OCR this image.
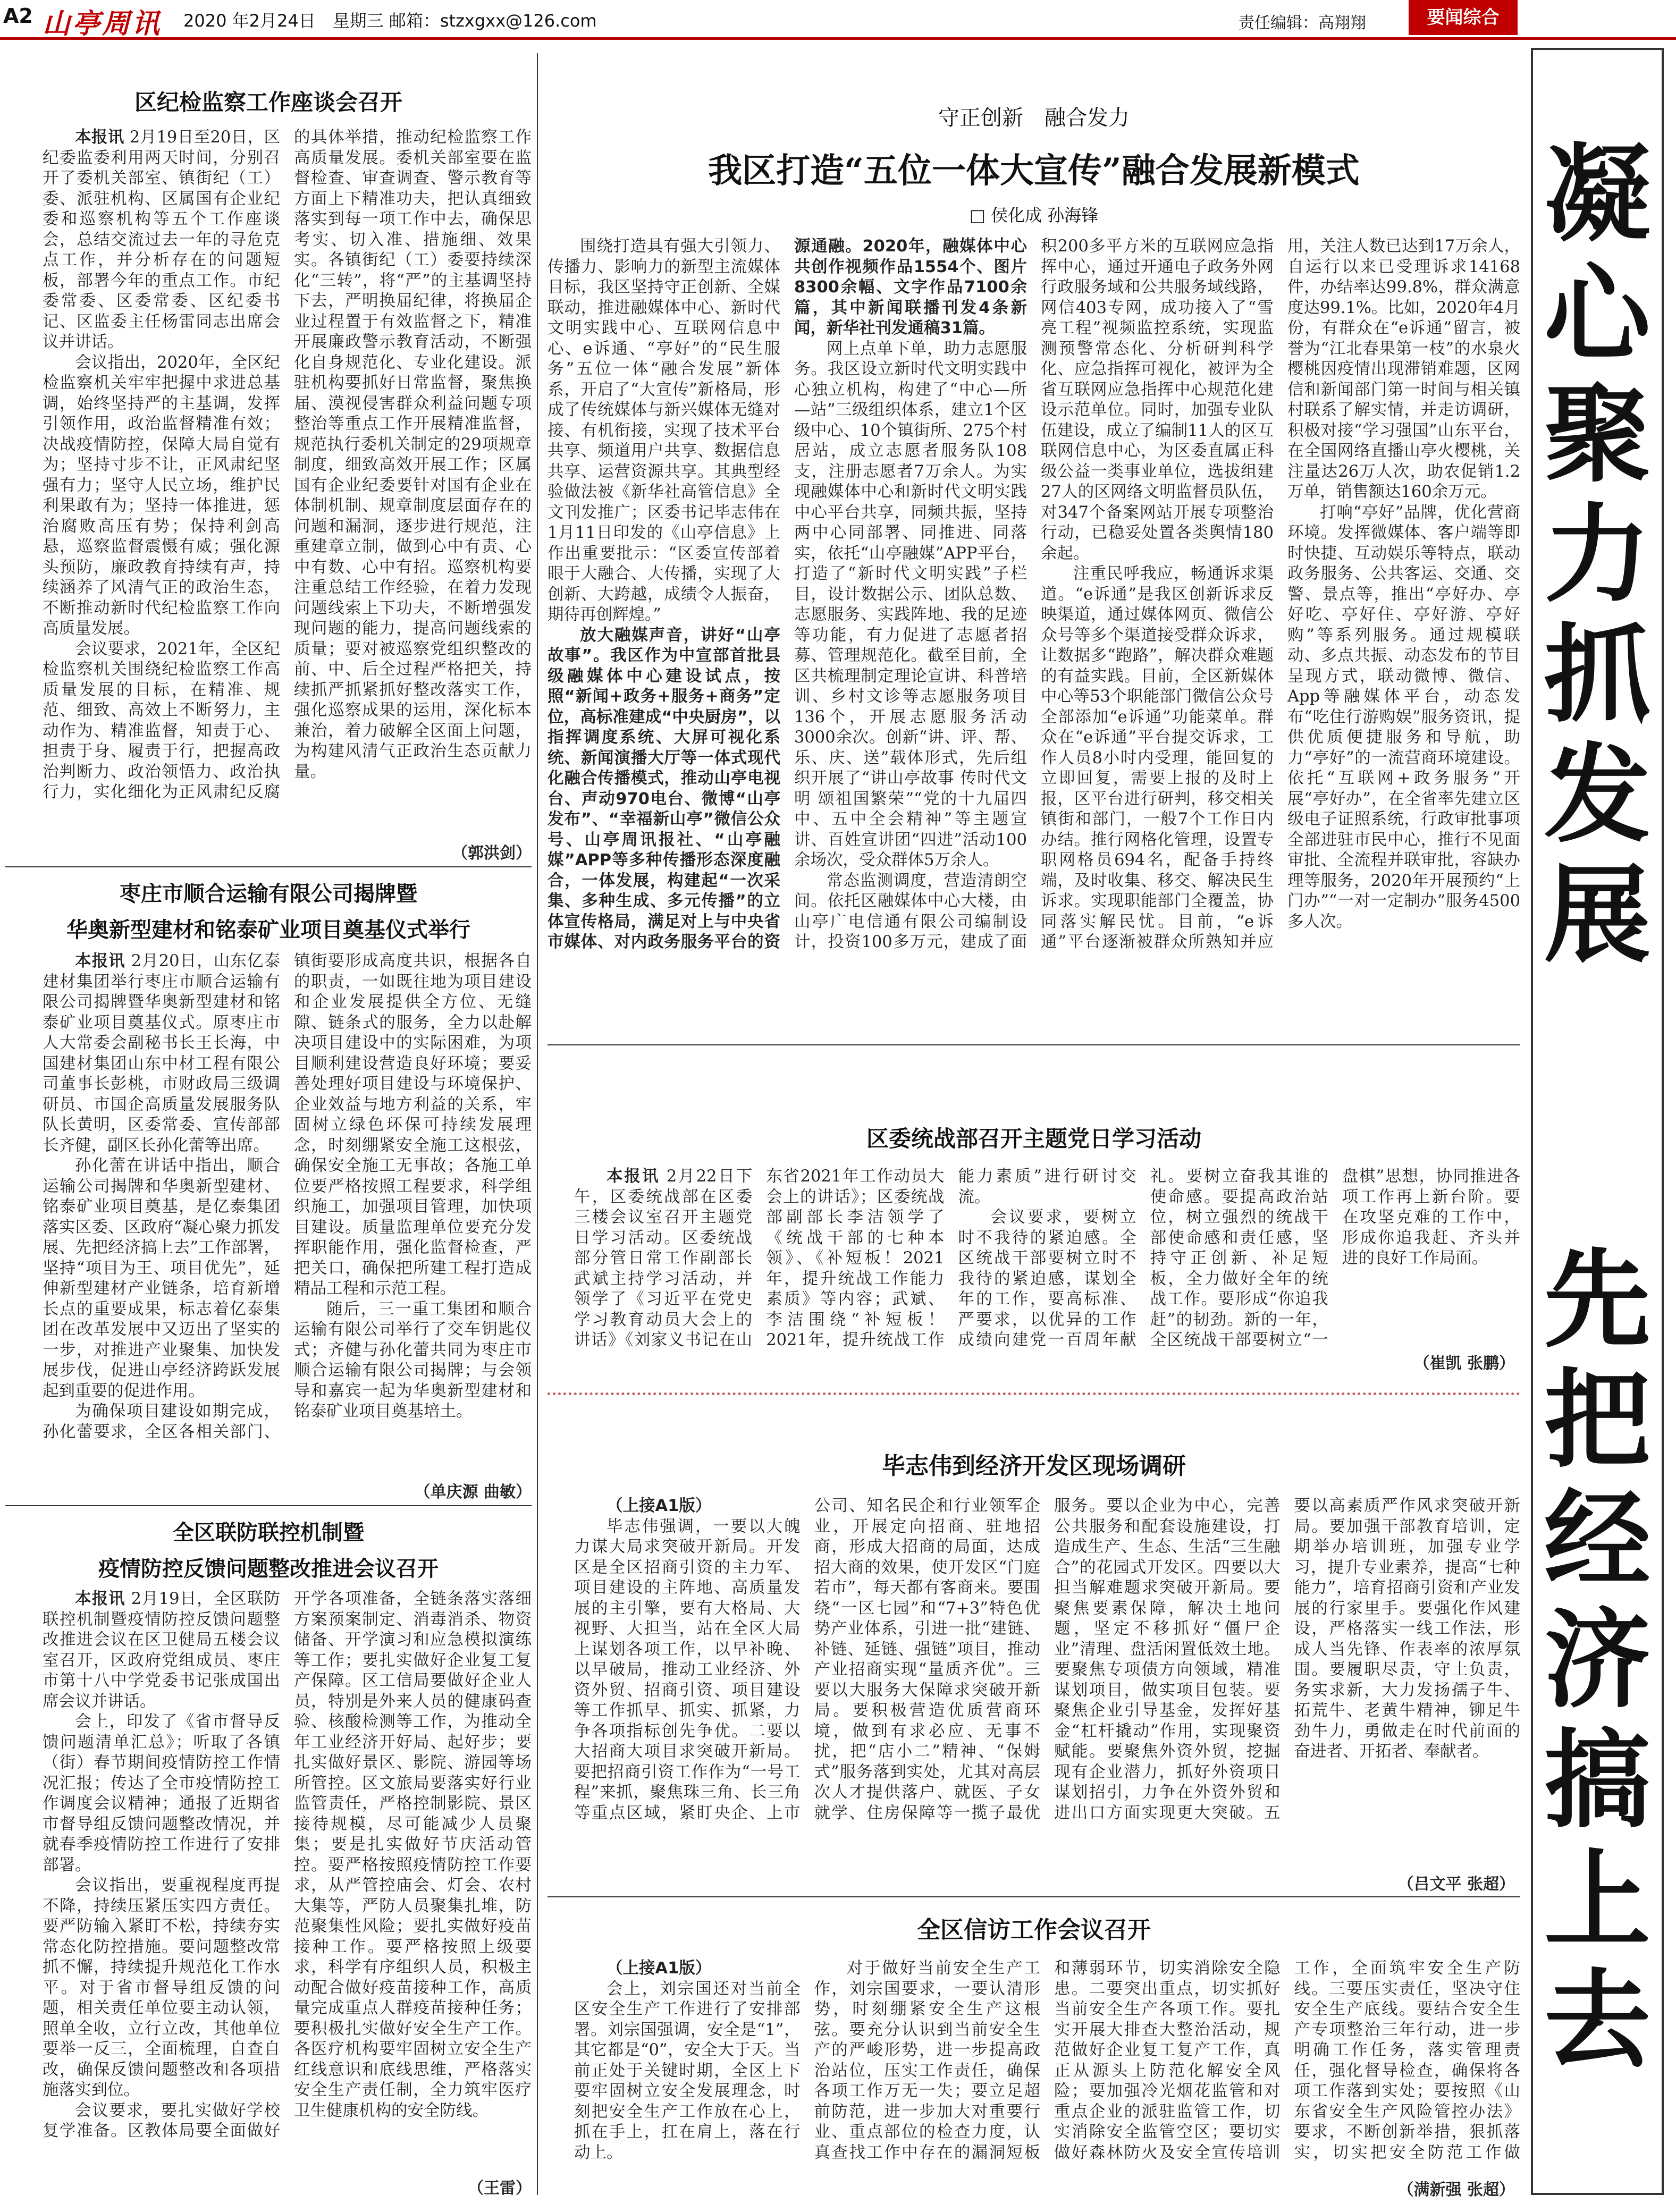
A2 山亭周讯 2020 年2月24日　星期三 邮箱：stzxgxx@126.com	责任编辑：高翔翔	要闻综合
凝
心
聚
力
抓
发
展
先
把
经
济
搞
上
去
区纪检监察工作座谈会召开

本报讯 2月19日至20日，区纪委监委利用两天时间，分别召开了委机关部室、镇街纪（工）委、派驻机构、区属国有企业纪委和巡察机构等五个工作座谈会，总结交流过去一年的寻危克点工作，并分析存在的问题短板，部署今年的重点工作。市纪委常委、区委常委、区纪委书记、区监委主任杨雷同志出席会议并讲话。

会议指出，2020年，全区纪检监察机关牢牢把握中求进总基调，始终坚持严的主基调，发挥引领作用，政治监督精准有效；决战疫情防控，保障大局自觉有为；坚持寸步不让，正风肃纪坚强有力；坚守人民立场，维护民利果敢有为；坚持一体推进，惩治腐败高压有势；保持利剑高悬，巡察监督震慑有威；强化源头预防，廉政教育持续有声，持续涵养了风清气正的政治生态，不断推动新时代纪检监察工作向高质量发展。

会议要求，2021年，全区纪检监察机关围绕纪检监察工作高质量发展的目标，在精准、规范、细致、高效上不断努力，主动作为、精准监督，知责于心、担责于身、履责于行，把握高政治判断力、政治领悟力、政治执行力，实化细化为正风肃纪反腐的具体举措，推动纪检监察工作高质量发展。委机关部室要在监督检查、审查调查、警示教育等方面上下精准功夫，把认真细致落实到每一项工作中去，确保思考实、切入准、措施细、效果实。各镇街纪（工）委要持续深化“三转”，将“严”的主基调坚持下去，严明换届纪律，将换届企业过程置于有效监督之下，精准开展廉政警示教育活动，不断强化自身规范化、专业化建设。派驻机构要抓好日常监督，聚焦换届、漠视侵害群众利益问题专项整治等重点工作开展精准监督，规范执行委机关制定的29项规章制度，细致高效开展工作；区属国有企业纪委要针对国有企业在体制机制、规章制度层面存在的问题和漏洞，逐步进行规范，注重建章立制，做到心中有责、心中有数、心中有招。巡察机构要注重总结工作经验，在着力发现问题线索上下功夫，不断增强发现问题的能力，提高问题线索的质量；要对被巡察党组织整改的前、中、后全过程严格把关，持续抓严抓紧抓好整改落实工作，强化巡察成果的运用，深化标本兼治，着力破解全区面上问题，为构建风清气正政治生态贡献力量。

（郭洪剑）
枣庄市顺合运输有限公司揭牌暨
华奥新型建材和铭泰矿业项目奠基仪式举行

本报讯 2月20日，山东亿泰建材集团举行枣庄市顺合运输有限公司揭牌暨华奥新型建材和铭泰矿业项目奠基仪式。原枣庄市人大常委会副秘书长王长海，中国建材集团山东中材工程有限公司董事长彭桃，市财政局三级调研员、市国企高质量发展服务队队长黄明，区委常委、宣传部部长齐健，副区长孙化蕾等出席。

孙化蕾在讲话中指出，顺合运输公司揭牌和华奥新型建材、铭泰矿业项目奠基，是亿泰集团落实区委、区政府“凝心聚力抓发展、先把经济搞上去”工作部署，坚持“项目为王、项目优先”，延伸新型建材产业链条，培育新增长点的重要成果，标志着亿泰集团在改革发展中又迈出了坚实的一步，对推进产业聚集、加快发展步伐，促进山亭经济跨跃发展起到重要的促进作用。

为确保项目建设如期完成，孙化蕾要求，全区各相关部门、镇街要形成高度共识，根据各自的职责，一如既往地为项目建设和企业发展提供全方位、无缝隙、链条式的服务，全力以赴解决项目建设中的实际困难，为项目顺利建设营造良好环境；要妥善处理好项目建设与环境保护、企业效益与地方利益的关系，牢固树立绿色环保可持续发展理念，时刻绷紧安全施工这根弦，确保安全施工无事故；各施工单位要严格按照工程要求，科学组织施工，加强项目管理，加快项目建设。质量监理单位要充分发挥职能作用，强化监督检查，严把关口，确保把所建工程打造成精品工程和示范工程。

随后，三一重工集团和顺合运输有限公司举行了交车钥匙仪式；齐健与孙化蕾共同为枣庄市顺合运输有限公司揭牌；与会领导和嘉宾一起为华奥新型建材和铭泰矿业项目奠基培土。

（单庆源 曲敏）
全区联防联控机制暨
疫情防控反馈问题整改推进会议召开

本报讯 2月19日，全区联防联控机制暨疫情防控反馈问题整改推进会议在区卫健局五楼会议室召开，区政府党组成员、枣庄市第十八中学党委书记张成国出席会议并讲话。

会上，印发了《省市督导反馈问题清单汇总》；听取了各镇（街）春节期间疫情防控工作情况汇报；传达了全市疫情防控工作调度会议精神；通报了近期省市督导组反馈问题整改情况，并就春季疫情防控工作进行了安排部署。

会议指出，要重视程度再提不降，持续压紧压实四方责任。要严防输入紧盯不松，持续夯实常态化防控措施。要问题整改常抓不懈，持续提升规范化工作水平。对于省市督导组反馈的问题，相关责任单位要主动认领，照单全收，立行立改，其他单位要举一反三，全面梳理，自查自改，确保反馈问题整改和各项措施落实到位。

会议要求，要扎实做好学校复学准备。区教体局要全面做好开学各项准备，全链条落实落细方案预案制定、消毒消杀、物资储备、开学演习和应急模拟演练等工作；要扎实做好企业复工复产保障。区工信局要做好企业人员，特别是外来人员的健康码查验、核酸检测等工作，为推动全年工业经济开好局、起好步；要扎实做好景区、影院、游园等场所管控。区文旅局要落实好行业监管责任，严格控制影院、景区接待规模，尽可能减少人员聚集；要是扎实做好节庆活动管控。要严格按照疫情防控工作要求，从严管控庙会、灯会、农村大集等，严防人员聚集扎堆，防范聚集性风险；要扎实做好疫苗接种工作。要严格按照上级要求，科学有序组织人员，积极主动配合做好疫苗接种工作，高质量完成重点人群疫苗接种任务；要积极扎实做好安全生产工作。各医疗机构要牢固树立安全生产红线意识和底线思维，严格落实安全生产责任制，全力筑牢医疗卫生健康机构的安全防线。

（王雷）
守正创新　融合发力
我区打造“五位一体大宣传”融合发展新模式
□ 侯化成 孙海锋

围绕打造具有强大引领力、传播力、影响力的新型主流媒体目标，我区坚持守正创新、全媒联动，推进融媒体中心、新时代文明实践中心、互联网信息中心、e诉通、“亭好”的“民生服务”五位一体“融合发展”新体系，开启了“大宣传”新格局，形成了传统媒体与新兴媒体无缝对接、有机衔接，实现了技术平台共享、频道用户共享、数据信息共享、运营资源共享。其典型经验做法被《新华社高管信息》全文刊发推广；区委书记毕志伟在1月11日印发的《山亭信息》上作出重要批示：“区委宣传部着眼于大融合、大传播，实现了大创新、大跨越，成绩令人振奋，期待再创辉煌。”

放大融媒声音，讲好“山亭故事”。我区作为中宣部首批县级融媒体中心建设试点，按照“新闻+政务+服务+商务”定位，高标准建成“中央厨房”，以指挥调度系统、大屏可视化系统、新闻演播大厅等一体式现代化融合传播模式，推动山亭电视台、声动970电台、微博“山亭发布”、“幸福新山亭”微信公众号、山亭周讯报社、“山亭融媒”APP等多种传播形态深度融合，一体发展，构建起“一次采集、多种生成、多元传播”的立体宣传格局，满足对上与中央省市媒体、对内政务服务平台的资源通融。2020年，融媒体中心共创作视频作品1554个、图片8300余幅、文字作品7100余篇，其中新闻联播刊发4条新闻，新华社刊发通稿31篇。

网上点单下单，助力志愿服务。我区设立新时代文明实践中心独立机构，构建了“中心—所—站”三级组织体系，建立1个区级中心、10个镇街所、275个村居站，成立志愿者服务队108支，注册志愿者7万余人。为实现融媒体中心和新时代文明实践中心平台共享，同频共振，坚持两中心同部署、同推进、同落实，依托“山亭融媒”APP平台，打造了“新时代文明实践”子栏目，设计数据公示、团队总数、志愿服务、实践阵地、我的足迹等功能，有力促进了志愿者招募、管理规范化。截至目前，全区共梳理制定理论宣讲、科普培训、乡村文诊等志愿服务项目136个，开展志愿服务活动3000余次。创新“讲、评、帮、乐、庆、送”载体形式，先后组织开展了“讲山亭故事 传时代文明 颂祖国繁荣”“党的十九届四中、五中全会精神”等主题宣讲、百姓宣讲团“四进”活动100余场次，受众群体5万余人。

常态监测调度，营造清朗空间。依托区融媒体中心大楼，由山亭广电信通有限公司编制设计，投资100多万元，建成了面积200多平方米的互联网应急指挥中心，通过开通电子政务外网行政服务域和公共服务域线路，网信403专网，成功接入了“雪亮工程”视频监控系统，实现监测预警常态化、分析研判科学化、应急指挥可视化，被评为全省互联网应急指挥中心规范化建设示范单位。同时，加强专业队伍建设，成立了编制11人的区互联网信息中心，为区委直属正科级公益一类事业单位，选拔组建27人的区网络文明监督员队伍，对347个备案网站开展专项整治行动，已稳妥处置各类舆情180余起。

注重民呼我应，畅通诉求渠道。“e诉通”是我区创新诉求反映渠道，通过媒体网页、微信公众号等多个渠道接受群众诉求，让数据多“跑路”，解决群众难题的有益实践。目前，全区新媒体中心等53个职能部门微信公众号全部添加“e诉通”功能菜单。群众在“e诉通”平台提交诉求，工作人员8小时内受理，能回复的立即回复，需要上报的及时上报，区平台进行研判，移交相关镇街和部门，一般7个工作日内办结。推行网格化管理，设置专职网格员694名，配备手持终端，及时收集、移交、解决民生诉求。实现职能部门全覆盖，协同落实解民忧。目前，“e诉通”平台逐渐被群众所熟知并应用，关注人数已达到17万余人，自运行以来已受理诉求14168件，办结率达99.8%，群众满意度达99.1%。比如，2020年4月份，有群众在“e诉通”留言，被誉为“江北春果第一枝”的水泉火樱桃因疫情出现滞销难题，区网信和新闻部门第一时间与相关镇村联系了解实情，并走访调研，积极对接“学习强国”山东平台，在全国网络直播山亭火樱桃，关注量达26万人次，助农促销1.2万单，销售额达160余万元。

打响“亭好”品牌，优化营商环境。发挥微媒体、客户端等即时快捷、互动娱乐等特点，联动政务服务、公共客运、交通、交警、景点等，推出“亭好办、亭好吃、亭好住、亭好游、亭好购”等系列服务。通过规模联动、多点共振、动态发布的节目呈现方式，联动微博、微信、App等融媒体平台，动态发布“吃住行游购娱”服务资讯，提供优质便捷服务和导航，助力“亭好”的一流营商环境建设。依托“互联网+政务服务”开展“亭好办”，在全省率先建立区级电子证照系统，行政审批事项全部进驻市民中心，推行不见面审批、全流程并联审批，容缺办理等服务，2020年开展预约“上门办”“一对一定制办”服务4500多人次。

区委统战部召开主题党日学习活动

本报讯 2月22日下午，区委统战部在区委三楼会议室召开主题党日学习活动。区委统战部分管日常工作副部长武斌主持学习活动，并领学了《习近平在党史学习教育动员大会上的讲话》《刘家义书记在山东省2021年工作动员大会上的讲话》；区委统战部副部长李洁领学了《统战干部的七种本领》、《补短板！2021年，提升统战工作能力素质》等内容；武斌、李洁围绕“补短板！2021年，提升统战工作能力素质”进行研讨交流。

会议要求，要树立时不我待的紧迫感。全区统战干部要树立时不我待的紧迫感，谋划全年的工作，要高标准、严要求，以优异的工作成绩向建党一百周年献礼。要树立奋我其谁的使命感。要提高政治站位，树立强烈的统战干部使命感和责任感，坚持守正创新、补足短板，全力做好全年的统战工作。要形成“你追我赶”的韧劲。新的一年，全区统战干部要树立“一盘棋”思想，协同推进各项工作再上新台阶。要在攻坚克难的工作中，形成你追我赶、齐头并进的良好工作局面。

（崔凯 张鹏）
毕志伟到经济开发区现场调研

（上接A1版）

毕志伟强调，一要以大魄力谋大局求突破开新局。开发区是全区招商引资的主力军、项目建设的主阵地、高质量发展的主引擎，要有大格局、大视野、大担当，站在全区大局上谋划各项工作，以早补晚、以早破局，推动工业经济、外资外贸、招商引资、项目建设等工作抓早、抓实、抓紧，力争各项指标创先争优。二要以大招商大项目求突破开新局。要把招商引资工作作为“一号工程”来抓，聚焦珠三角、长三角等重点区域，紧盯央企、上市公司、知名民企和行业领军企业，开展定向招商、驻地招商，形成大招商的局面，达成招大商的效果，使开发区“门庭若市”，每天都有客商来。要围绕“一区七园”和“7+3”特色优势产业体系，引进一批“建链、补链、延链、强链”项目，推动产业招商实现“量质齐优”。三要以大服务大保障求突破开新局。要积极营造优质营商环境，做到有求必应、无事不扰，把“店小二”精神、“保姆式”服务落到实处，尤其对高层次人才提供落户、就医、子女就学、住房保障等一揽子最优服务。要以企业为中心，完善公共服务和配套设施建设，打造成生产、生态、生活“三生融合”的花园式开发区。四要以大担当解难题求突破开新局。要聚焦要素保障，解决土地问题，坚定不移抓好“僵尸企业”清理、盘活闲置低效土地。要聚焦专项债方向领域，精准谋划项目，做实项目包装。要聚焦企业引导基金，发挥好基金“杠杆撬动”作用，实现聚资赋能。要聚焦外资外贸，挖掘现有企业潜力，抓好外资项目谋划招引，力争在外资外贸和进出口方面实现更大突破。五要以高素质严作风求突破开新局。要加强干部教育培训，定期举办培训班，加强专业学习，提升专业素养，提高“七种能力”，培育招商引资和产业发展的行家里手。要强化作风建设，严格落实一线工作法，形成人当先锋、作表率的浓厚氛围。要履职尽责，守土负责，务实求新，大力发扬孺子牛、拓荒牛、老黄牛精神，铆足牛劲牛力，勇做走在时代前面的奋进者、开拓者、奉献者。

（吕文平 张超）
全区信访工作会议召开

（上接A1版）

会上，刘宗国还对当前全区安全生产工作进行了安排部署。刘宗国强调，安全是“1”，其它都是“0”，安全大于天。当前正处于关键时期，全区上下要牢固树立安全发展理念，时刻把安全生产工作放在心上，抓在手上，扛在肩上，落在行动上。

对于做好当前安全生产工作，刘宗国要求，一要认清形势，时刻绷紧安全生产这根弦。要充分认识到当前安全生产的严峻形势，进一步提高政治站位，压实工作责任，确保各项工作万无一失；要立足超前防范，进一步加大对重要行业、重点部位的检查力度，认真查找工作中存在的漏洞短板和薄弱环节，切实消除安全隐患。二要突出重点，切实抓好当前安全生产各项工作。要扎实开展大排查大整治活动，规范做好企业复工复产工作，真正从源头上防范化解安全风险；要加强冷光烟花监管和对重点企业的派驻监管工作，切实消除安全监管空区；要切实做好森林防火及安全宣传培训工作，全面筑牢安全生产防线。三要压实责任，坚决守住安全生产底线。要结合安全生产专项整治三年行动，进一步明确工作任务，落实管理责任，强化督导检查，确保将各项工作落到实处；要按照《山东省安全生产风险管控办法》要求，不断创新举措，狠抓落实，切实把安全防范工作做

（满新强 张超）
